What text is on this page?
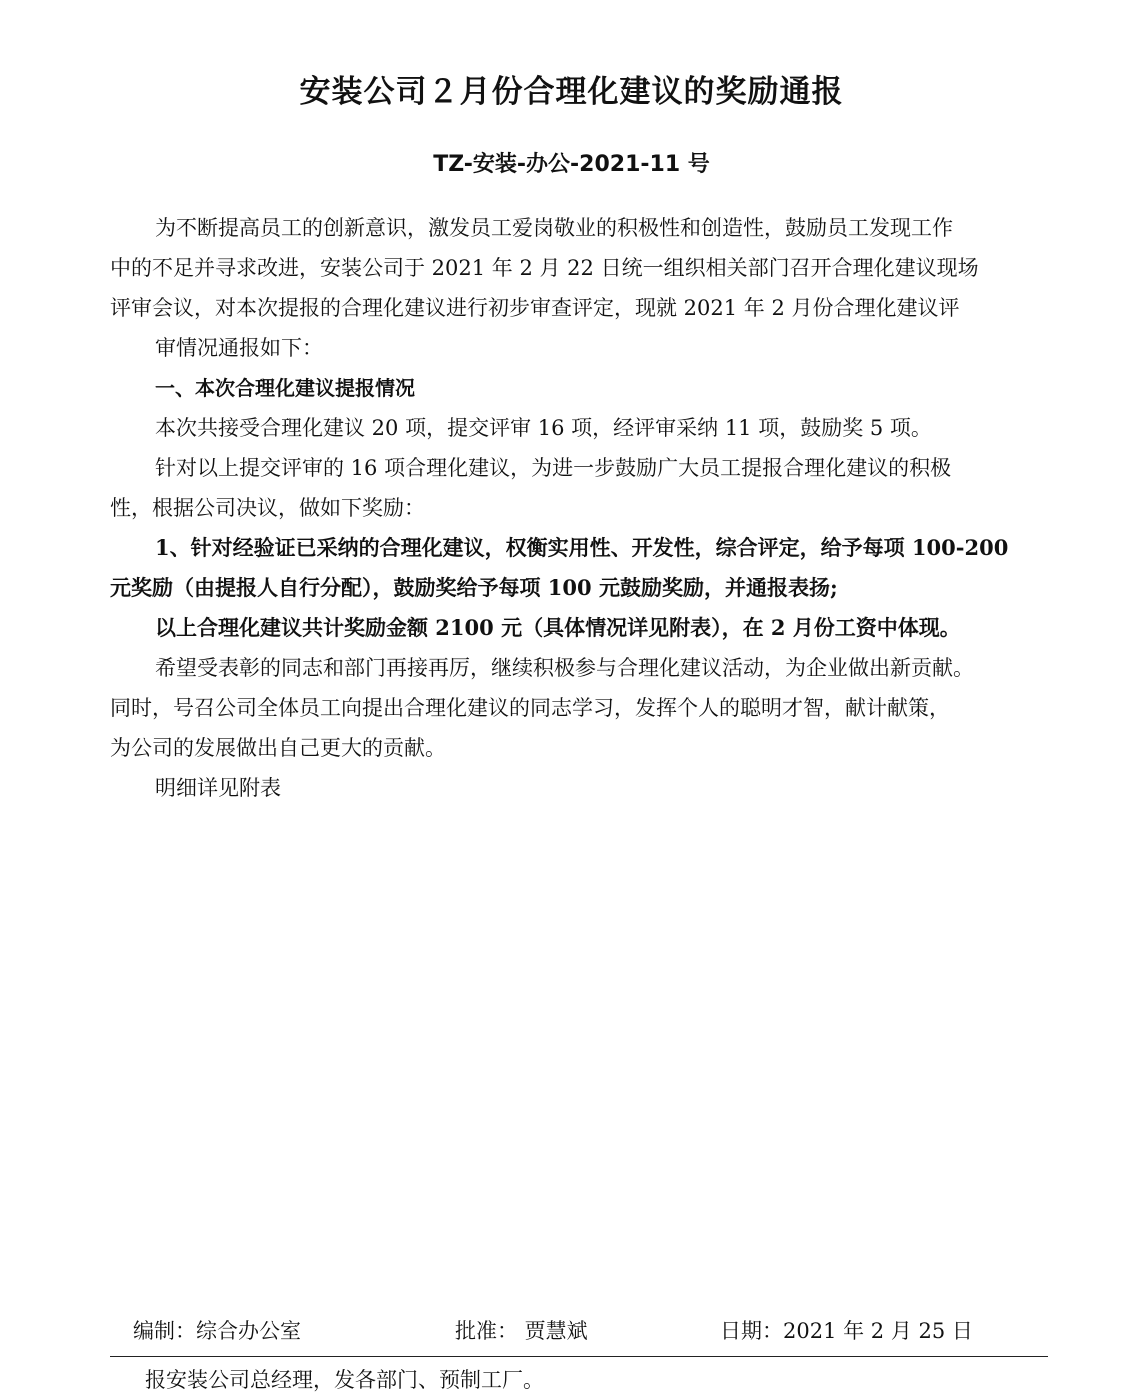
安装公司２月份合理化建议的奖励通报
TZ-安装-办公-2021-11 号

为不断提高员工的创新意识，激发员工爱岗敬业的积极性和创造性，鼓励员工发现工作

中的不足并寻求改进，安装公司于 2021 年 2 月 22 日统一组织相关部门召开合理化建议现场

评审会议，对本次提报的合理化建议进行初步审查评定，现就 2021 年 2 月份合理化建议评

审情况通报如下：

一、本次合理化建议提报情况

本次共接受合理化建议 20 项，提交评审 16 项，经评审采纳 11 项，鼓励奖 5 项。

针对以上提交评审的 16 项合理化建议，为进一步鼓励广大员工提报合理化建议的积极

性，根据公司决议，做如下奖励：

1、针对经验证已采纳的合理化建议，权衡实用性、开发性，综合评定，给予每项 100-200

元奖励（由提报人自行分配），鼓励奖给予每项 100 元鼓励奖励，并通报表扬;

以上合理化建议共计奖励金额 2100 元（具体情况详见附表），在 2 月份工资中体现。

希望受表彰的同志和部门再接再厉，继续积极参与合理化建议活动，为企业做出新贡献。

同时，号召公司全体员工向提出合理化建议的同志学习，发挥个人的聪明才智，献计献策，

为公司的发展做出自己更大的贡献。

明细详见附表

编制：综合办公室	批准： 贾慧斌	日期：2021 年 2 月 25 日
报安装公司总经理，发各部门、预制工厂。
